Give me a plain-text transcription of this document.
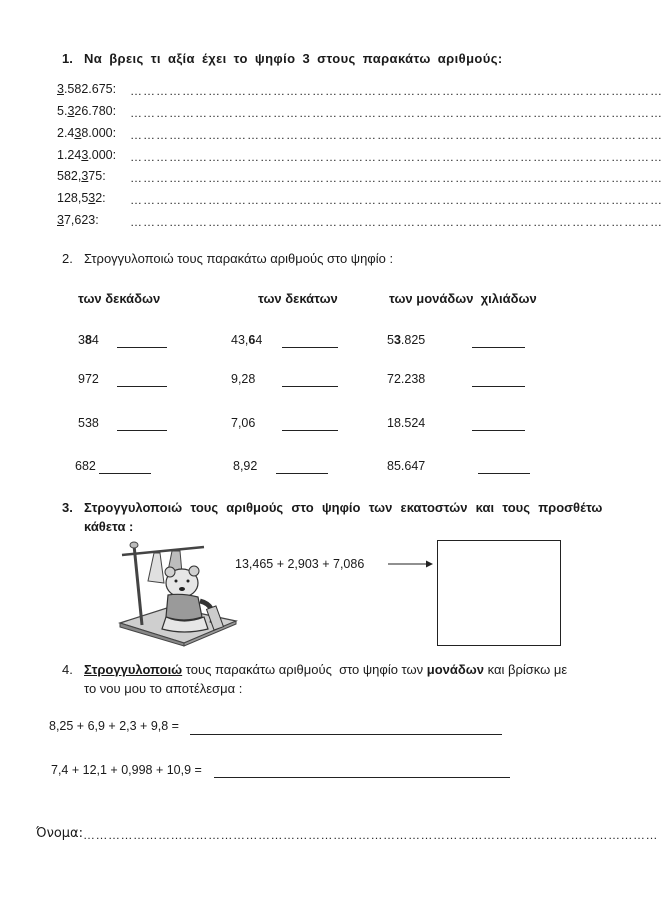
1. Να βρεις τι αξία έχει το ψηφίο 3 στους παρακάτω αριθμούς:
3.582.675: ……………………………………………………………………………………………………………
5.326.780: ……………………………………………………………………………………………………………
2.438.000: ……………………………………………………………………………………………………………
1.243.000: ……………………………………………………………………………………………………………
582,375: ……………………………………………………………………………………………………………
128,532: ……………………………………………………………………………………………………………
37,623:	……………………………………………………………………………………………………………
2. Στρογγυλοποιώ τους παρακάτω αριθμούς στο ψηφίο :
των δεκάδων	των δεκάτων	των μονάδων  χιλιάδων
384	43,64	53.825
972	9,28	72.238
538	7,06	18.524
682	8,92	85.647
3. Στρογγυλοποιώ τους αριθμούς στο ψηφίο των εκατοστών και τους προσθέτω
κάθετα :
13,465 + 2,903 + 7,086
4. Στρογγυλοποιώ τους παρακάτω αριθμούς  στο ψηφίο των μονάδων και βρίσκω με
το νου μου το αποτέλεσμα :
8,25 + 6,9 + 2,3 + 9,8 =
7,4 + 12,1 + 0,998 + 10,9 =
Όνομα: …………………………………………………………………………………………………………………………
